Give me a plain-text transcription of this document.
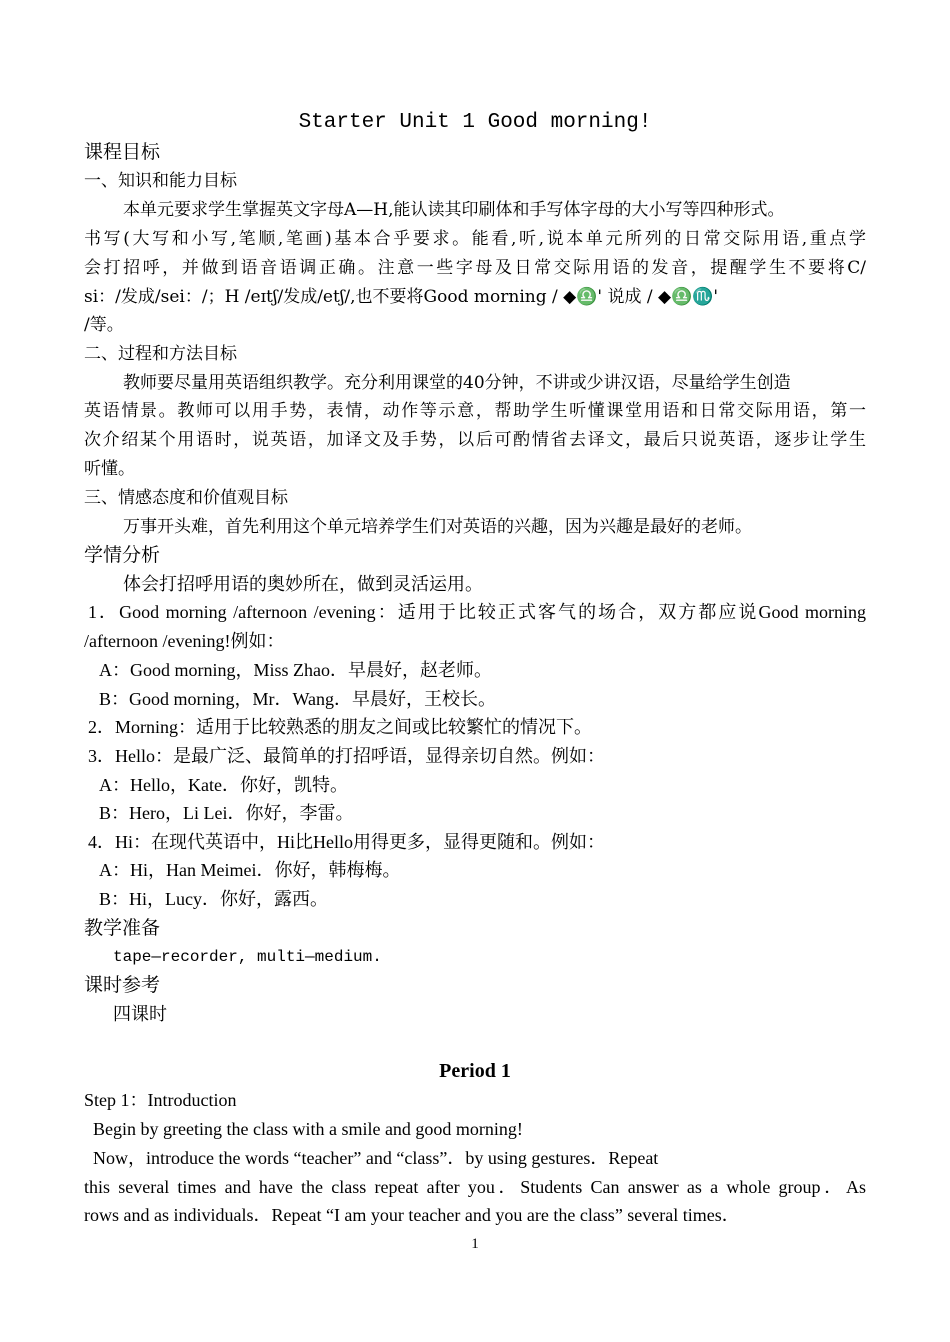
Starter Unit 1 Good morning!
课程目标
一、知识和能力目标
本单元要求学生掌握英文字母A—H,能认读其印刷体和手写体字母的大小写等四种形式。
书写(大写和小写,笔顺,笔画)基本合乎要求。能看,听,说本单元所列的日常交际用语,重点学
会打招呼，并做到语音语调正确。注意一些字母及日常交际用语的发音，提醒学生不要将C/
si：/发成/sei：/；H /eɪtʃ/发成/etʃ/,也不要将Good morning / ◆♎' 说成 / ◆♎♏'
/等。
二、过程和方法目标
教师要尽量用英语组织教学。充分利用课堂的40分钟，不讲或少讲汉语，尽量给学生创造
英语情景。教师可以用手势，表情，动作等示意，帮助学生听懂课堂用语和日常交际用语，第一
次介绍某个用语时，说英语，加译文及手势，以后可酌情省去译文，最后只说英语，逐步让学生
听懂。
三、情感态度和价值观目标
万事开头难，首先利用这个单元培养学生们对英语的兴趣，因为兴趣是最好的老师。
学情分析
体会打招呼用语的奥妙所在，做到灵活运用。
1．Good morning /afternoon /evening：适用于比较正式客气的场合，双方都应说Good morning
/afternoon /evening!例如：
A：Good morning，Miss Zhao．早晨好，赵老师。
B：Good morning，Mr．Wang．早晨好，王校长。
2．Morning：适用于比较熟悉的朋友之间或比较繁忙的情况下。
3．Hello：是最广泛、最简单的打招呼语，显得亲切自然。例如：
A：Hello，Kate．你好，凯特。
B：Hero，Li Lei．你好，李雷。
4．Hi：在现代英语中，Hi比Hello用得更多，显得更随和。例如：
A：Hi，Han Meimei．你好，韩梅梅。
B：Hi，Lucy．你好，露西。
教学准备
tape—recorder, multi—medium.
课时参考
四课时
Period 1
Step 1：Introduction
Begin by greeting the class with a smile and good morning!
Now，introduce the words “teacher” and “class”．by using gestures．Repeat
this several times and have the class repeat after you．Students Can answer as a whole group．As
rows and as individuals．Repeat “I am your teacher and you are the class” several times．
1
